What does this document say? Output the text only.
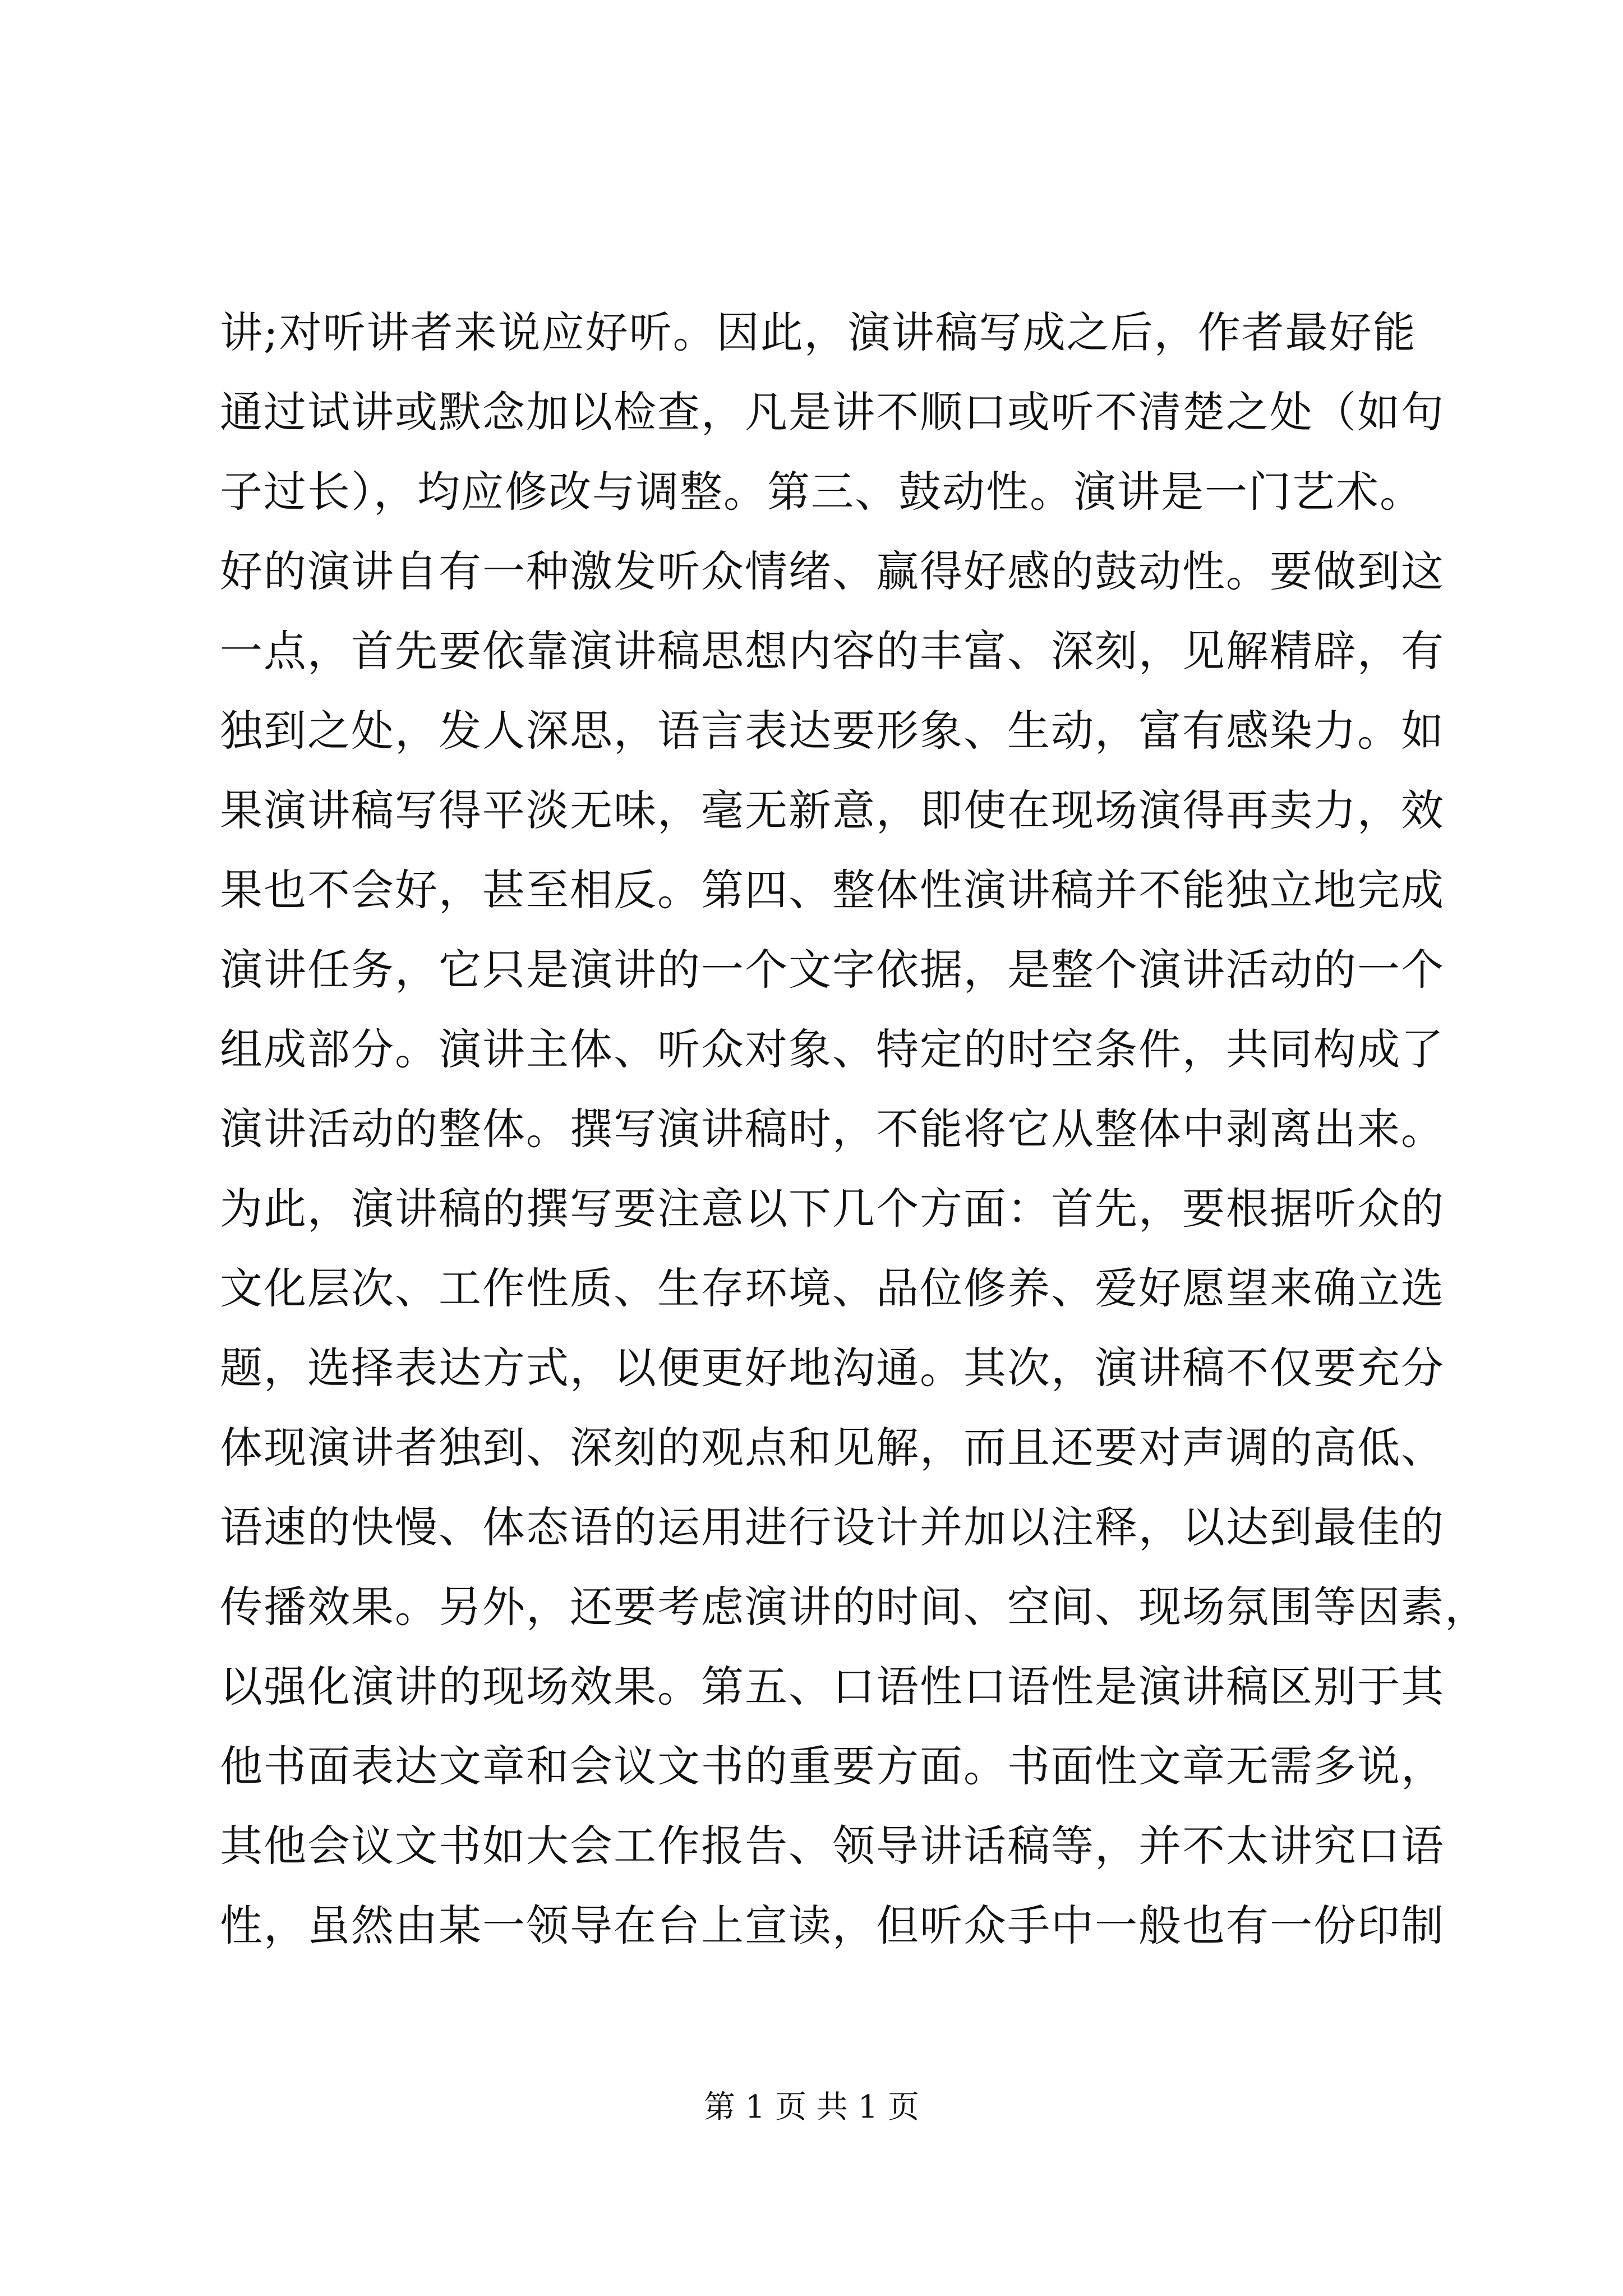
讲;对听讲者来说应好听。因此，演讲稿写成之后，作者最好能
通过试讲或默念加以检查，凡是讲不顺口或听不清楚之处（如句
子过长），均应修改与调整。第三、鼓动性。演讲是一门艺术。
好的演讲自有一种激发听众情绪、赢得好感的鼓动性。要做到这
一点，首先要依靠演讲稿思想内容的丰富、深刻，见解精辟，有
独到之处，发人深思，语言表达要形象、生动，富有感染力。如
果演讲稿写得平淡无味，毫无新意，即使在现场演得再卖力，效
果也不会好，甚至相反。第四、整体性演讲稿并不能独立地完成
演讲任务，它只是演讲的一个文字依据，是整个演讲活动的一个
组成部分。演讲主体、听众对象、特定的时空条件，共同构成了
演讲活动的整体。撰写演讲稿时，不能将它从整体中剥离出来。
为此，演讲稿的撰写要注意以下几个方面：首先，要根据听众的
文化层次、工作性质、生存环境、品位修养、爱好愿望来确立选
题，选择表达方式，以便更好地沟通。其次，演讲稿不仅要充分
体现演讲者独到、深刻的观点和见解，而且还要对声调的高低、
语速的快慢、体态语的运用进行设计并加以注释，以达到最佳的
传播效果。另外，还要考虑演讲的时间、空间、现场氛围等因素，
以强化演讲的现场效果。第五、口语性口语性是演讲稿区别于其
他书面表达文章和会议文书的重要方面。书面性文章无需多说，
其他会议文书如大会工作报告、领导讲话稿等，并不太讲究口语
性，虽然由某一领导在台上宣读，但听众手中一般也有一份印制
第 1 页 共 1 页
